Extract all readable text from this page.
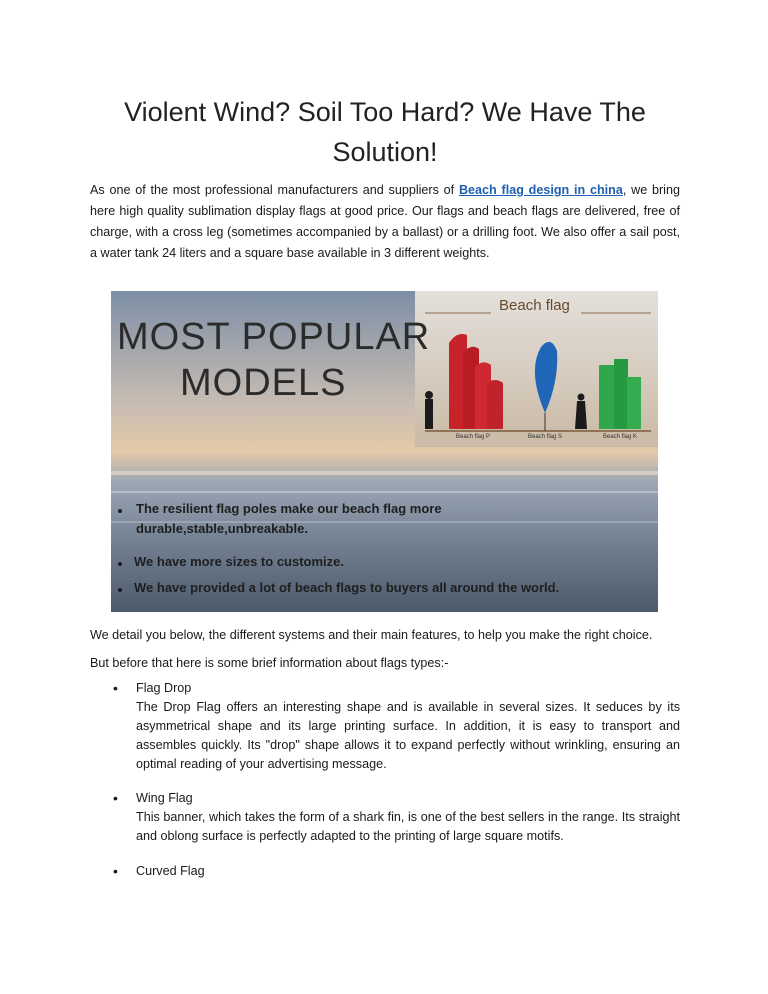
Violent Wind? Soil Too Hard? We Have The Solution!

As one of the most professional manufacturers and suppliers of Beach flag design in china, we bring here high quality sublimation display flags at good price. Our flags and beach flags are delivered, free of charge, with a cross leg (sometimes accompanied by a ballast) or a drilling foot. We also offer a sail post, a water tank 24 liters and a square base available in 3 different weights.

Beach flag
Beach flag P	Beach flag S	Beach flag K
The resilient flag poles make our beach flag more
durable,stable,unbreakable.
We have more sizes to customize.
We have provided a lot of beach flags to buyers all around the world.
MOST POPULAR
MODELS

We detail you below, the different systems and their main features, to help you make the right choice.

But before that here is some brief information about flags types:-

• Flag Drop
The Drop Flag offers an interesting shape and is available in several sizes. It seduces by its asymmetrical shape and its large printing surface. In addition, it is easy to transport and assembles quickly. Its "drop" shape allows it to expand perfectly without wrinkling, ensuring an optimal reading of your advertising message.
• Wing Flag
This banner, which takes the form of a shark fin, is one of the best sellers in the range. Its straight and oblong surface is perfectly adapted to the printing of large square motifs.
• Curved Flag
